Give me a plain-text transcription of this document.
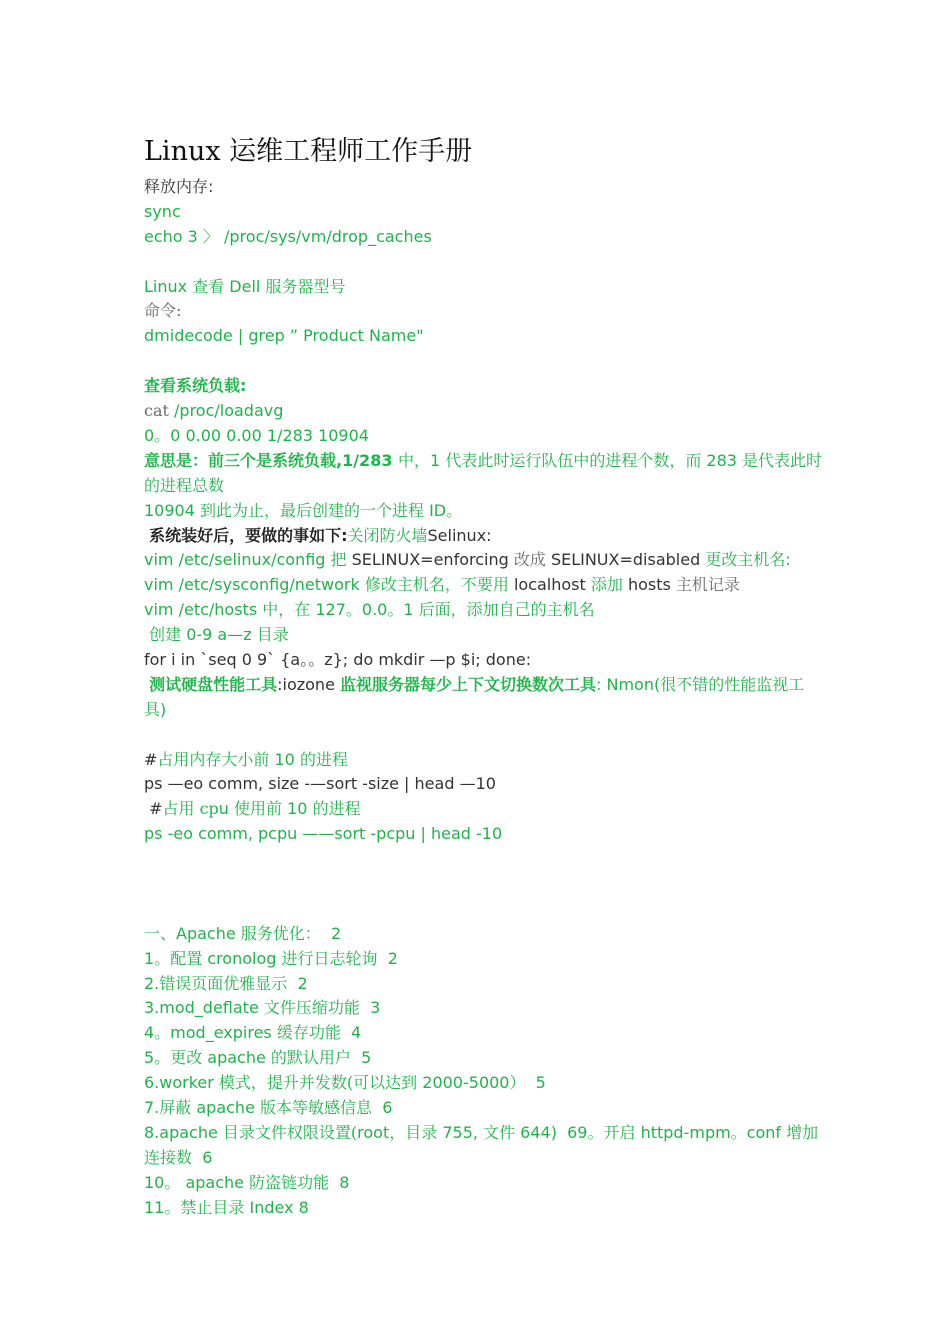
Linux 运维工程师工作手册
释放内存:
sync
echo 3 〉 /proc/sys/vm/drop_caches
Linux 查看 Dell 服务器型号
命令:
dmidecode | grep ” Product Name"
查看系统负载:
cat /proc/loadavg
0。0 0.00 0.00 1/283 10904
意思是：前三个是系统负载,1/283 中，1 代表此时运行队伍中的进程个数，而 283 是代表此时的进程总数
10904 到此为止，最后创建的一个进程 ID。
系统装好后，要做的事如下:关闭防火墙Selinux:
vim /etc/selinux/config 把 SELINUX=enforcing 改成 SELINUX=disabled 更改主机名:
vim /etc/sysconfig/network 修改主机名，不要用 localhost 添加 hosts 主机记录
vim /etc/hosts 中，在 127。0.0。1 后面，添加自己的主机名
创建 0-9 a—z 目录
for i in `seq 0 9` {a。。z}; do mkdir —p $i; done:
测试硬盘性能工具:iozone 监视服务器每少上下文切换数次工具: Nmon(很不错的性能监视工具)
#占用内存大小前 10 的进程
ps —eo comm, size -—sort -size | head —10
#占用 cpu 使用前 10 的进程
ps -eo comm, pcpu ——sort -pcpu | head -10
一、Apache 服务优化：  2
1。配置 cronolog 进行日志轮询  2
2.错误页面优雅显示  2
3.mod_deflate 文件压缩功能  3
4。mod_expires 缓存功能  4
5。更改 apache 的默认用户  5
6.worker 模式，提升并发数(可以达到 2000-5000）  5
7.屏蔽 apache 版本等敏感信息  6
8.apache 目录文件权限设置(root，目录 755, 文件 644)  69。开启 httpd-mpm。conf 增加连接数  6
10。 apache 防盗链功能  8
11。禁止目录 Index 8
